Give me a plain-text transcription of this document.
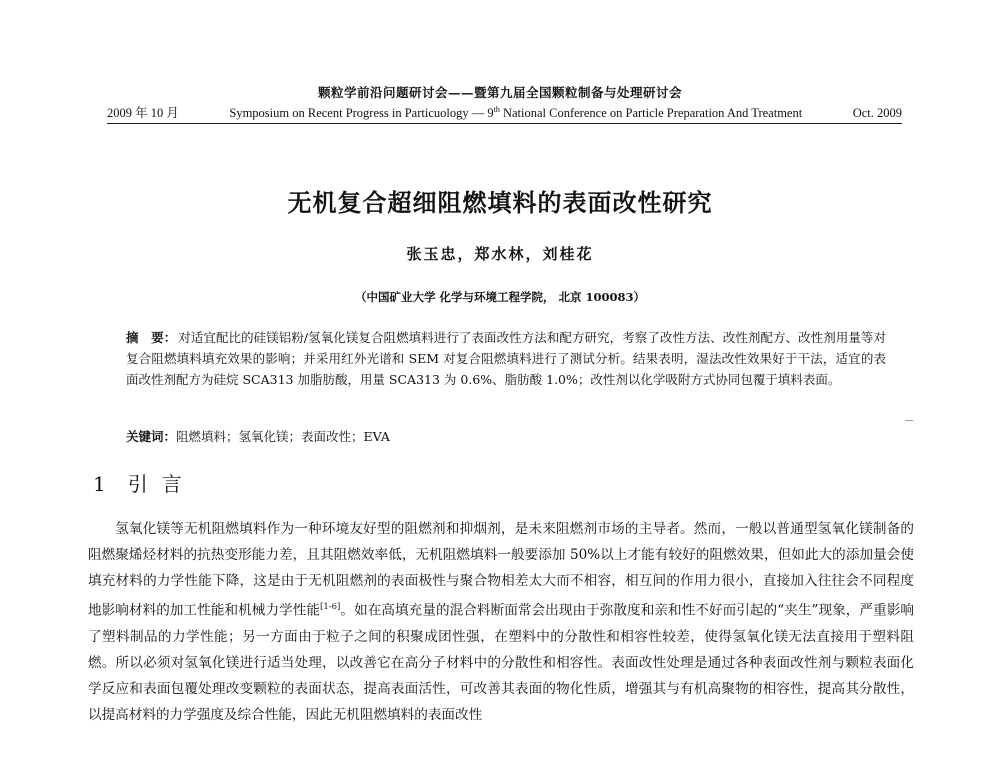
颗粒学前沿问题研讨会——暨第九届全国颗粒制备与处理研讨会
2009 年 10 月	Symposium on Recent Progress in Particuology — 9th National Conference on Particle Preparation And Treatment	Oct. 2009
无机复合超细阻燃填料的表面改性研究
张玉忠，郑水林，刘桂花
（中国矿业大学 化学与环境工程学院， 北京 100083）
摘　要： 对适宜配比的硅镁铝粉/氢氧化镁复合阻燃填料进行了表面改性方法和配方研究，考察了改性方法、改性剂配方、改性剂用量等对复合阻燃填料填充效果的影响；并采用红外光谱和 SEM 对复合阻燃填料进行了测试分析。结果表明，湿法改性效果好于干法，适宜的表面改性剂配方为硅烷 SCA313 加脂肪酸，用量 SCA313 为 0.6%、脂肪酸 1.0%；改性剂以化学吸附方式协同包覆于填料表面。
关键词：阻燃填料；氢氧化镁；表面改性；EVA
1 引言

氢氧化镁等无机阻燃填料作为一种环境友好型的阻燃剂和抑烟剂，是未来阻燃剂市场的主导者。然而，一般以普通型氢氧化镁制备的阻燃聚烯烃材料的抗热变形能力差，且其阻燃效率低，无机阻燃填料一般要添加 50%以上才能有较好的阻燃效果，但如此大的添加量会使填充材料的力学性能下降，这是由于无机阻燃剂的表面极性与聚合物相差太大而不相容，相互间的作用力很小，直接加入往往会不同程度地影响材料的加工性能和机械力学性能[1-6]。如在高填充量的混合料断面常会出现由于弥散度和亲和性不好而引起的“夹生”现象，严重影响了塑料制品的力学性能；另一方面由于粒子之间的积聚成团性强，在塑料中的分散性和相容性较差，使得氢氧化镁无法直接用于塑料阻燃。所以必须对氢氧化镁进行适当处理，以改善它在高分子材料中的分散性和相容性。表面改性处理是通过各种表面改性剂与颗粒表面化学反应和表面包覆处理改变颗粒的表面状态，提高表面活性，可改善其表面的物化性质，增强其与有机高聚物的相容性，提高其分散性，以提高材料的力学强度及综合性能，因此无机阻燃填料的表面改性
